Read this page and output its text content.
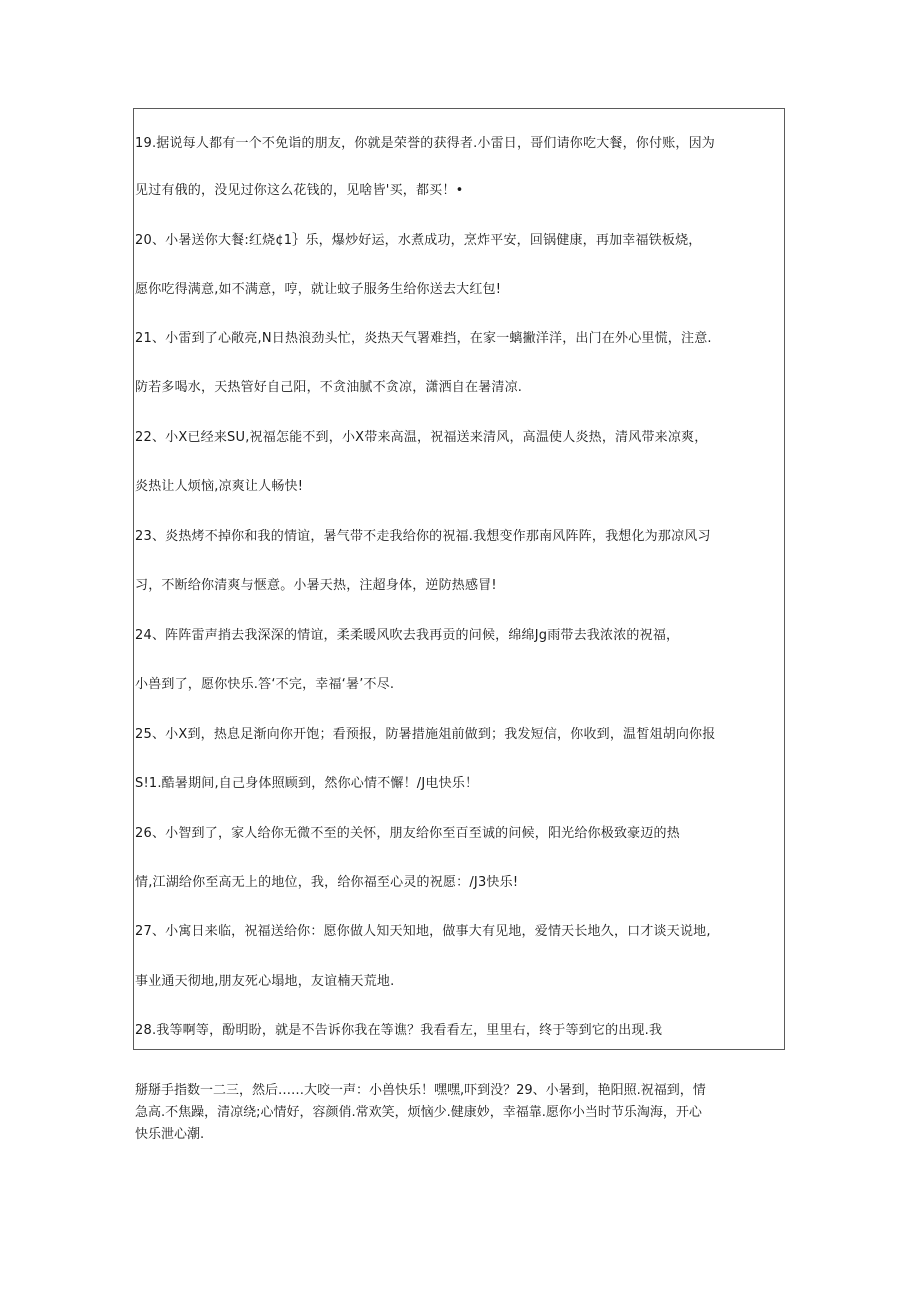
19.据说每人都有一个不免诣的朋友，你就是荣誉的获得者.小雷日，哥们请你吃大餐，你付账，因为
见过有俄的，没见过你这么花钱的，见啥皆'买，都买！•
20、小暑送你大餐:红烧¢1｝乐，爆炒好运，水煮成功，烹炸平安，回锅健康，再加幸福铁板烧，
愿你吃得满意,如不满意，哼，就让蚊子服务生给你送去大红包!
21、小雷到了心敞亮,N日热浪劲头忙，炎热天气署难挡，在家一螭撇洋洋，出门在外心里慌，注意.
防若多喝水，天热管好自己阳，不贪油腻不贪凉，潇洒自在暑清凉.
22、小X已经来SU,祝福怎能不到，小X带来高温，祝福送来清风，高温使人炎热，清风带来凉爽，
炎热让人烦恼,凉爽让人畅快!
23、炎热烤不掉你和我的情谊，暑气带不走我给你的祝福.我想变作那南风阵阵，我想化为那凉风习
习，不断给你清爽与惬意。小暑天热，注超身体，逆防热感冒!
24、阵阵雷声捎去我深深的情谊，柔柔暖风吹去我再贡的问候，绵绵Jg雨带去我浓浓的祝福，
小兽到了，愿你快乐.答‘不完，幸福‘暑’不尽.
25、小X到，热息足渐向你开饱；看预报，防暑措施俎前做到；我发短信，你收到，温皙俎胡向你报
S!1.酷暑期间,自己身体照顾到，然你心情不懈！/J电快乐！
26、小智到了，家人给你无微不至的关怀，朋友给你至百至诚的问候，阳光给你极致豪迈的热
情,江湖给你至高无上的地位，我，给你福至心灵的祝愿：/J3快乐!
27、小寓日来临，祝福送给你：愿你做人知天知地，做事大有见地，爱情天长地久，口才谈天说地,
事业通天彻地,朋友死心塌地，友谊楠天荒地.
28.我等啊等，酚明盼，就是不告诉你我在等谯？我看看左，里里右，终于等到它的出现.我

掰掰手指数一二三，然后……大咬一声：小兽快乐！嘿嘿,吓到没？29、小暑到，艳阳照.祝福到，情

急高.不焦躁，清凉绕;心情好，容颜俏.常欢笑，烦恼少.健康妙，幸福靠.愿你小当时节乐淘海，开心

快乐泄心潮.
